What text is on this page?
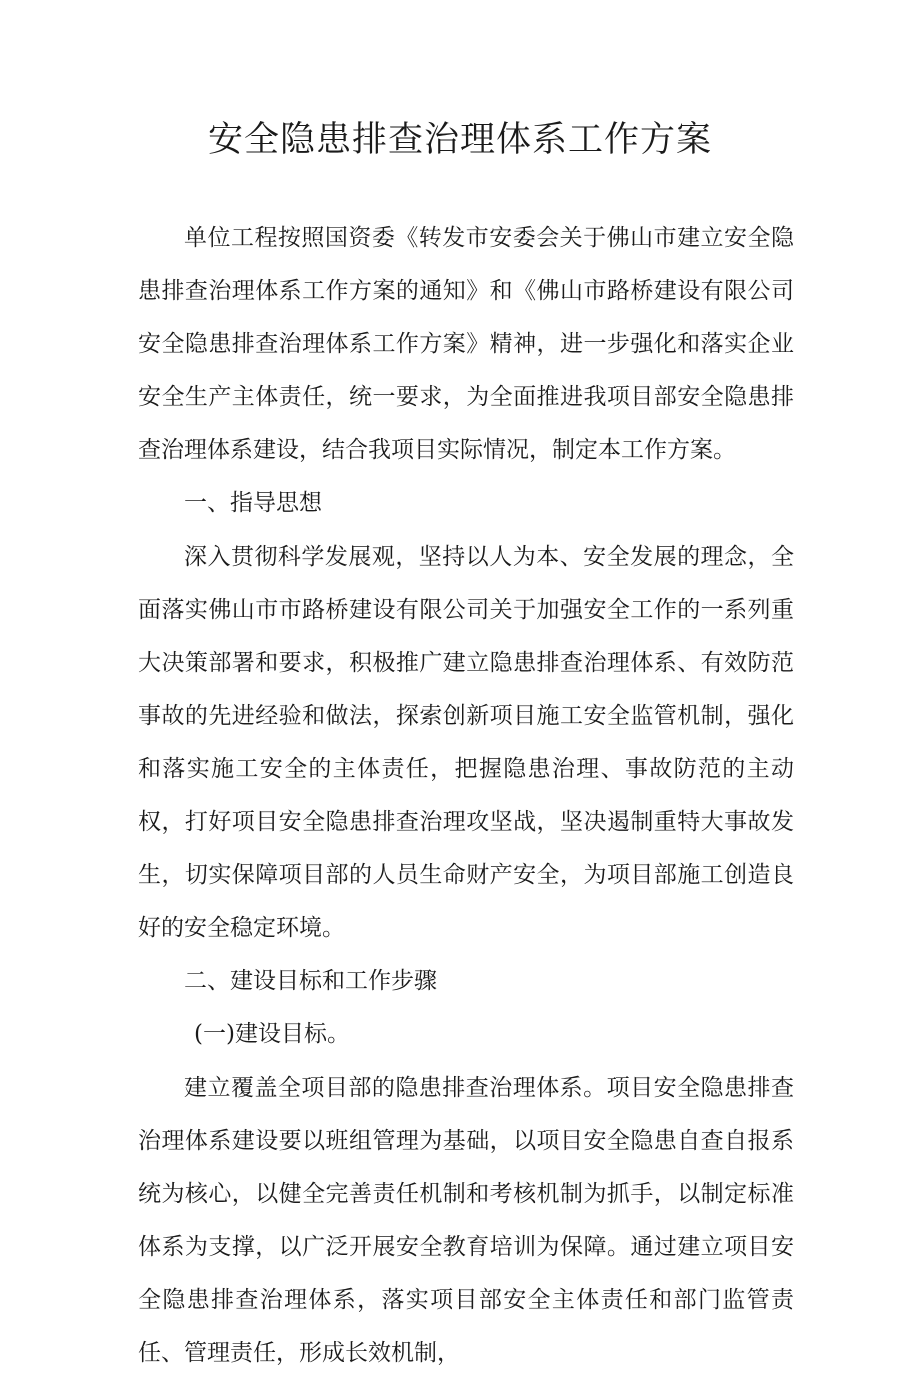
安全隐患排查治理体系工作方案

单位工程按照国资委《转发市安委会关于佛山市建立安全隐患排查治理体系工作方案的通知》和《佛山市路桥建设有限公司安全隐患排查治理体系工作方案》精神，进一步强化和落实企业安全生产主体责任，统一要求，为全面推进我项目部安全隐患排查治理体系建设，结合我项目实际情况，制定本工作方案。

一、指导思想

深入贯彻科学发展观，坚持以人为本、安全发展的理念，全面落实佛山市市路桥建设有限公司关于加强安全工作的一系列重大决策部署和要求，积极推广建立隐患排查治理体系、有效防范事故的先进经验和做法，探索创新项目施工安全监管机制，强化和落实施工安全的主体责任，把握隐患治理、事故防范的主动权，打好项目安全隐患排查治理攻坚战，坚决遏制重特大事故发生，切实保障项目部的人员生命财产安全，为项目部施工创造良好的安全稳定环境。

二、建设目标和工作步骤

(一)建设目标。

建立覆盖全项目部的隐患排查治理体系。项目安全隐患排查治理体系建设要以班组管理为基础，以项目安全隐患自查自报系统为核心，以健全完善责任机制和考核机制为抓手，以制定标准体系为支撑，以广泛开展安全教育培训为保障。通过建立项目安全隐患排查治理体系，落实项目部安全主体责任和部门监管责任、管理责任，形成长效机制，
